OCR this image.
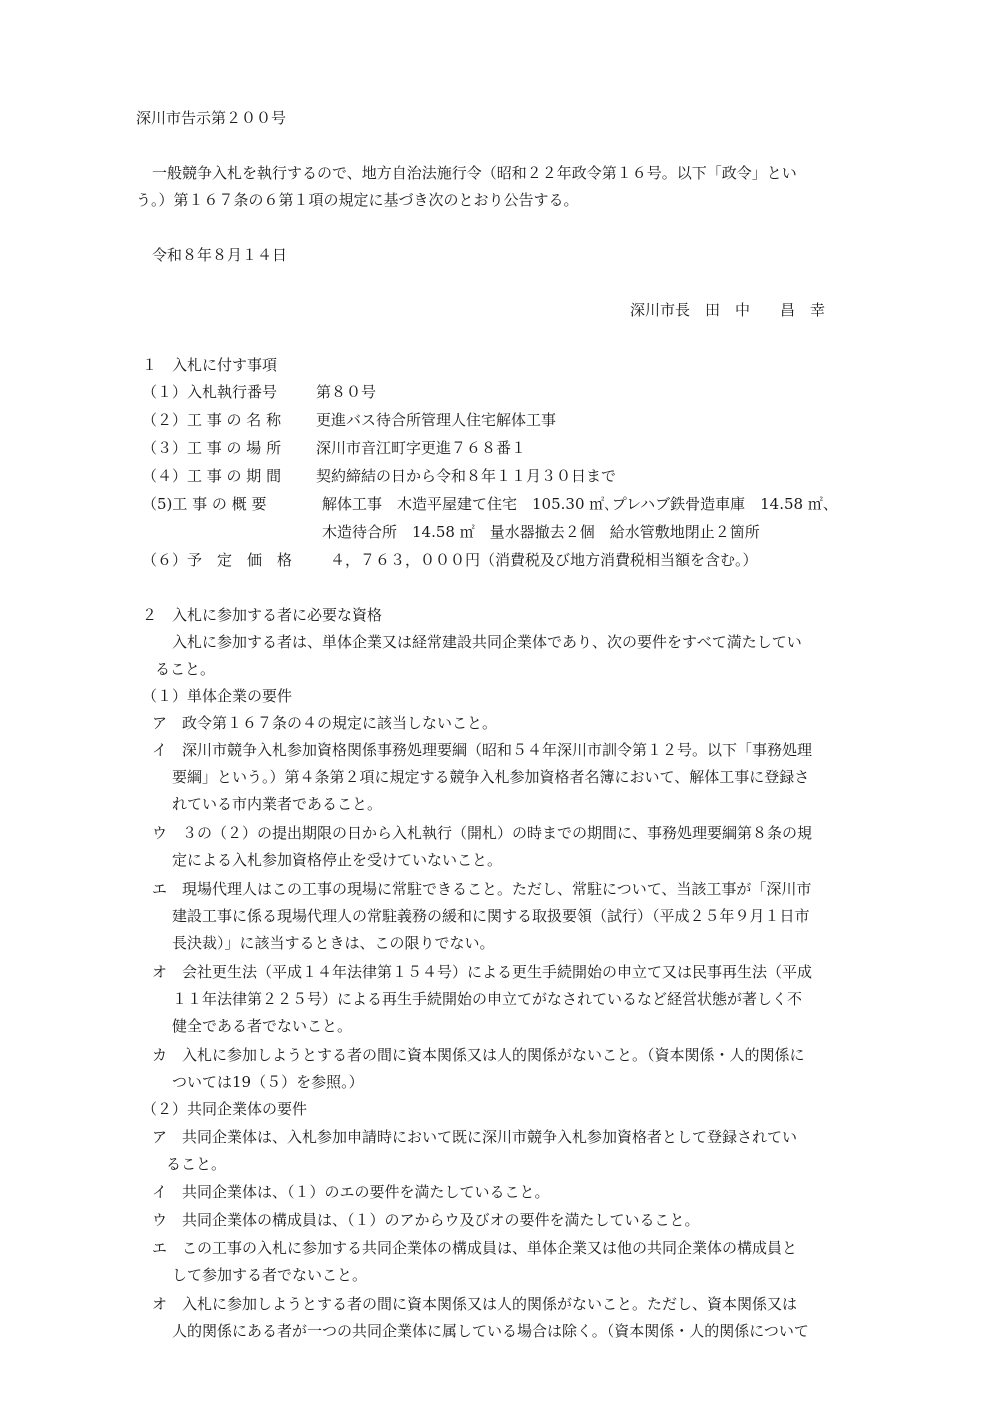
深川市告示第２００号
一般競争入札を執行するので、地方自治法施行令（昭和２２年政令第１６号。以下「政令」とい
う。）第１６７条の６第１項の規定に基づき次のとおり公告する。
令和８年８月１４日
深川市長　田　中　　昌　幸
１　入札に付す事項
（１）入札執行番号	第８０号
（２）工 事 の 名 称 更進バス待合所管理人住宅解体工事
（３）工 事 の 場 所 深川市音江町字更進７６８番１
（４）工 事 の 期 間 契約締結の日から令和８年１１月３０日まで
（5)工 事 の 概 要	解体工事　木造平屋建て住宅　105.30 ㎡､プレハブ鉄骨造車庫　14.58 ㎡、
木造待合所　14.58 ㎡　量水器撤去２個　給水管敷地閉止２箇所
（６）予　定　価　格	４，７６３，０００円（消費税及び地方消費税相当額を含む。）
２　入札に参加する者に必要な資格
入札に参加する者は、単体企業又は経常建設共同企業体であり、次の要件をすべて満たしてい
ること。
（１）単体企業の要件
ア　政令第１６７条の４の規定に該当しないこと。
イ　深川市競争入札参加資格関係事務処理要綱（昭和５４年深川市訓令第１２号。以下「事務処理
要綱」という。）第４条第２項に規定する競争入札参加資格者名簿において、解体工事に登録さ
れている市内業者であること。
ウ　３の（２）の提出期限の日から入札執行（開札）の時までの期間に、事務処理要綱第８条の規
定による入札参加資格停止を受けていないこと。
エ　現場代理人はこの工事の現場に常駐できること。ただし、常駐について、当該工事が「深川市
建設工事に係る現場代理人の常駐義務の緩和に関する取扱要領（試行）（平成２５年９月１日市
長決裁）」に該当するときは、この限りでない。
オ　会社更生法（平成１４年法律第１５４号）による更生手続開始の申立て又は民事再生法（平成
１１年法律第２２５号）による再生手続開始の申立てがなされているなど経営状態が著しく不
健全である者でないこと。
カ　入札に参加しようとする者の間に資本関係又は人的関係がないこと。（資本関係・人的関係に
ついては19（５）を参照。）
（２）共同企業体の要件
ア　共同企業体は、入札参加申請時において既に深川市競争入札参加資格者として登録されてい
ること。
イ　共同企業体は、（１）のエの要件を満たしていること。
ウ　共同企業体の構成員は、（１）のアからウ及びオの要件を満たしていること。
エ　この工事の入札に参加する共同企業体の構成員は、単体企業又は他の共同企業体の構成員と
して参加する者でないこと。
オ　入札に参加しようとする者の間に資本関係又は人的関係がないこと。ただし、資本関係又は
人的関係にある者が一つの共同企業体に属している場合は除く。（資本関係・人的関係について
